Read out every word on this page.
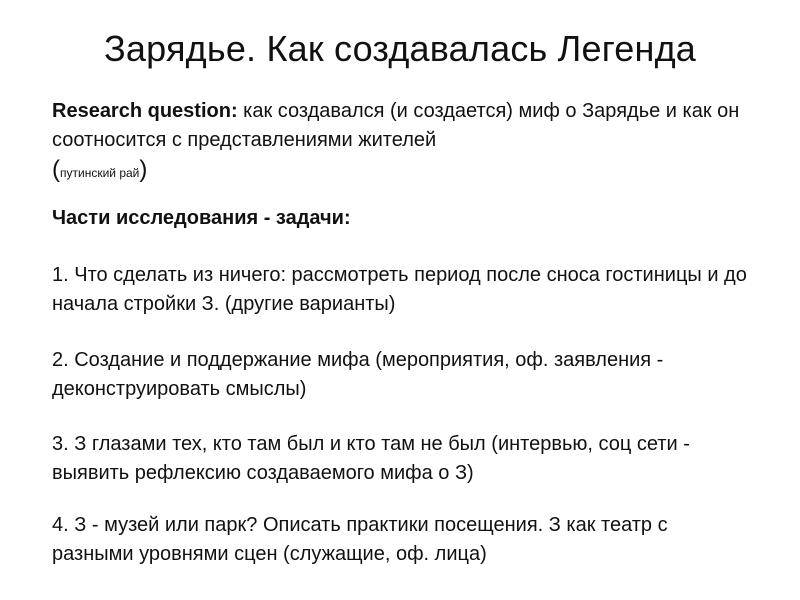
Зарядье. Как создавалась Легенда
Research question: как создавался (и создается) миф о Зарядье и как он соотносится с представлениями жителей
(путинский рай)
Части исследования - задачи:
1. Что сделать из ничего: рассмотреть период после сноса гостиницы и до начала стройки З. (другие варианты)
2. Создание и поддержание мифа (мероприятия, оф. заявления - деконструировать смыслы)
3. З глазами тех, кто там был и кто там не был (интервью, соц сети - выявить рефлексию создаваемого мифа о З)
4. З - музей или парк? Описать практики посещения. З как театр с разными уровнями сцен (служащие, оф. лица)
